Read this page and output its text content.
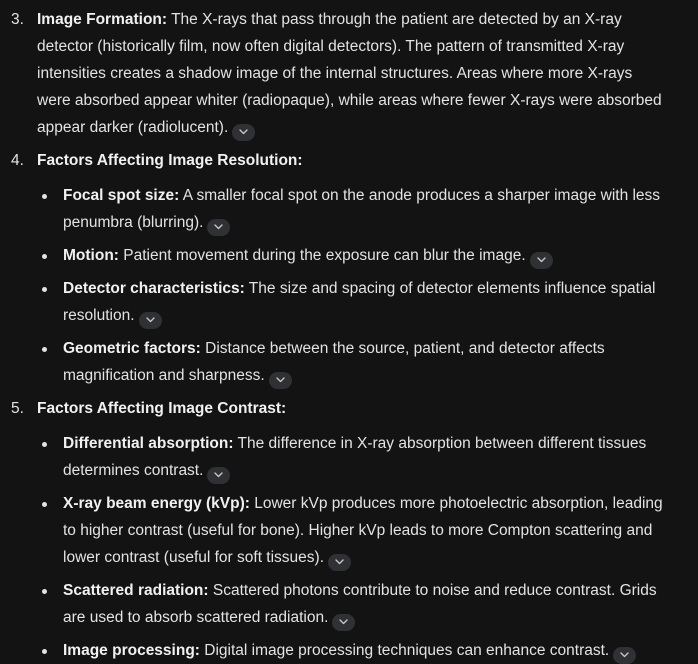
3. Image Formation: The X-rays that pass through the patient are detected by an X-ray detector (historically film, now often digital detectors). The pattern of transmitted X-ray intensities creates a shadow image of the internal structures. Areas where more X-rays were absorbed appear whiter (radiopaque), while areas where fewer X-rays were absorbed appear darker (radiolucent).
4. Factors Affecting Image Resolution:
Focal spot size: A smaller focal spot on the anode produces a sharper image with less penumbra (blurring).
Motion: Patient movement during the exposure can blur the image.
Detector characteristics: The size and spacing of detector elements influence spatial resolution.
Geometric factors: Distance between the source, patient, and detector affects magnification and sharpness.
5. Factors Affecting Image Contrast:
Differential absorption: The difference in X-ray absorption between different tissues determines contrast.
X-ray beam energy (kVp): Lower kVp produces more photoelectric absorption, leading to higher contrast (useful for bone). Higher kVp leads to more Compton scattering and lower contrast (useful for soft tissues).
Scattered radiation: Scattered photons contribute to noise and reduce contrast. Grids are used to absorb scattered radiation.
Image processing: Digital image processing techniques can enhance contrast.
